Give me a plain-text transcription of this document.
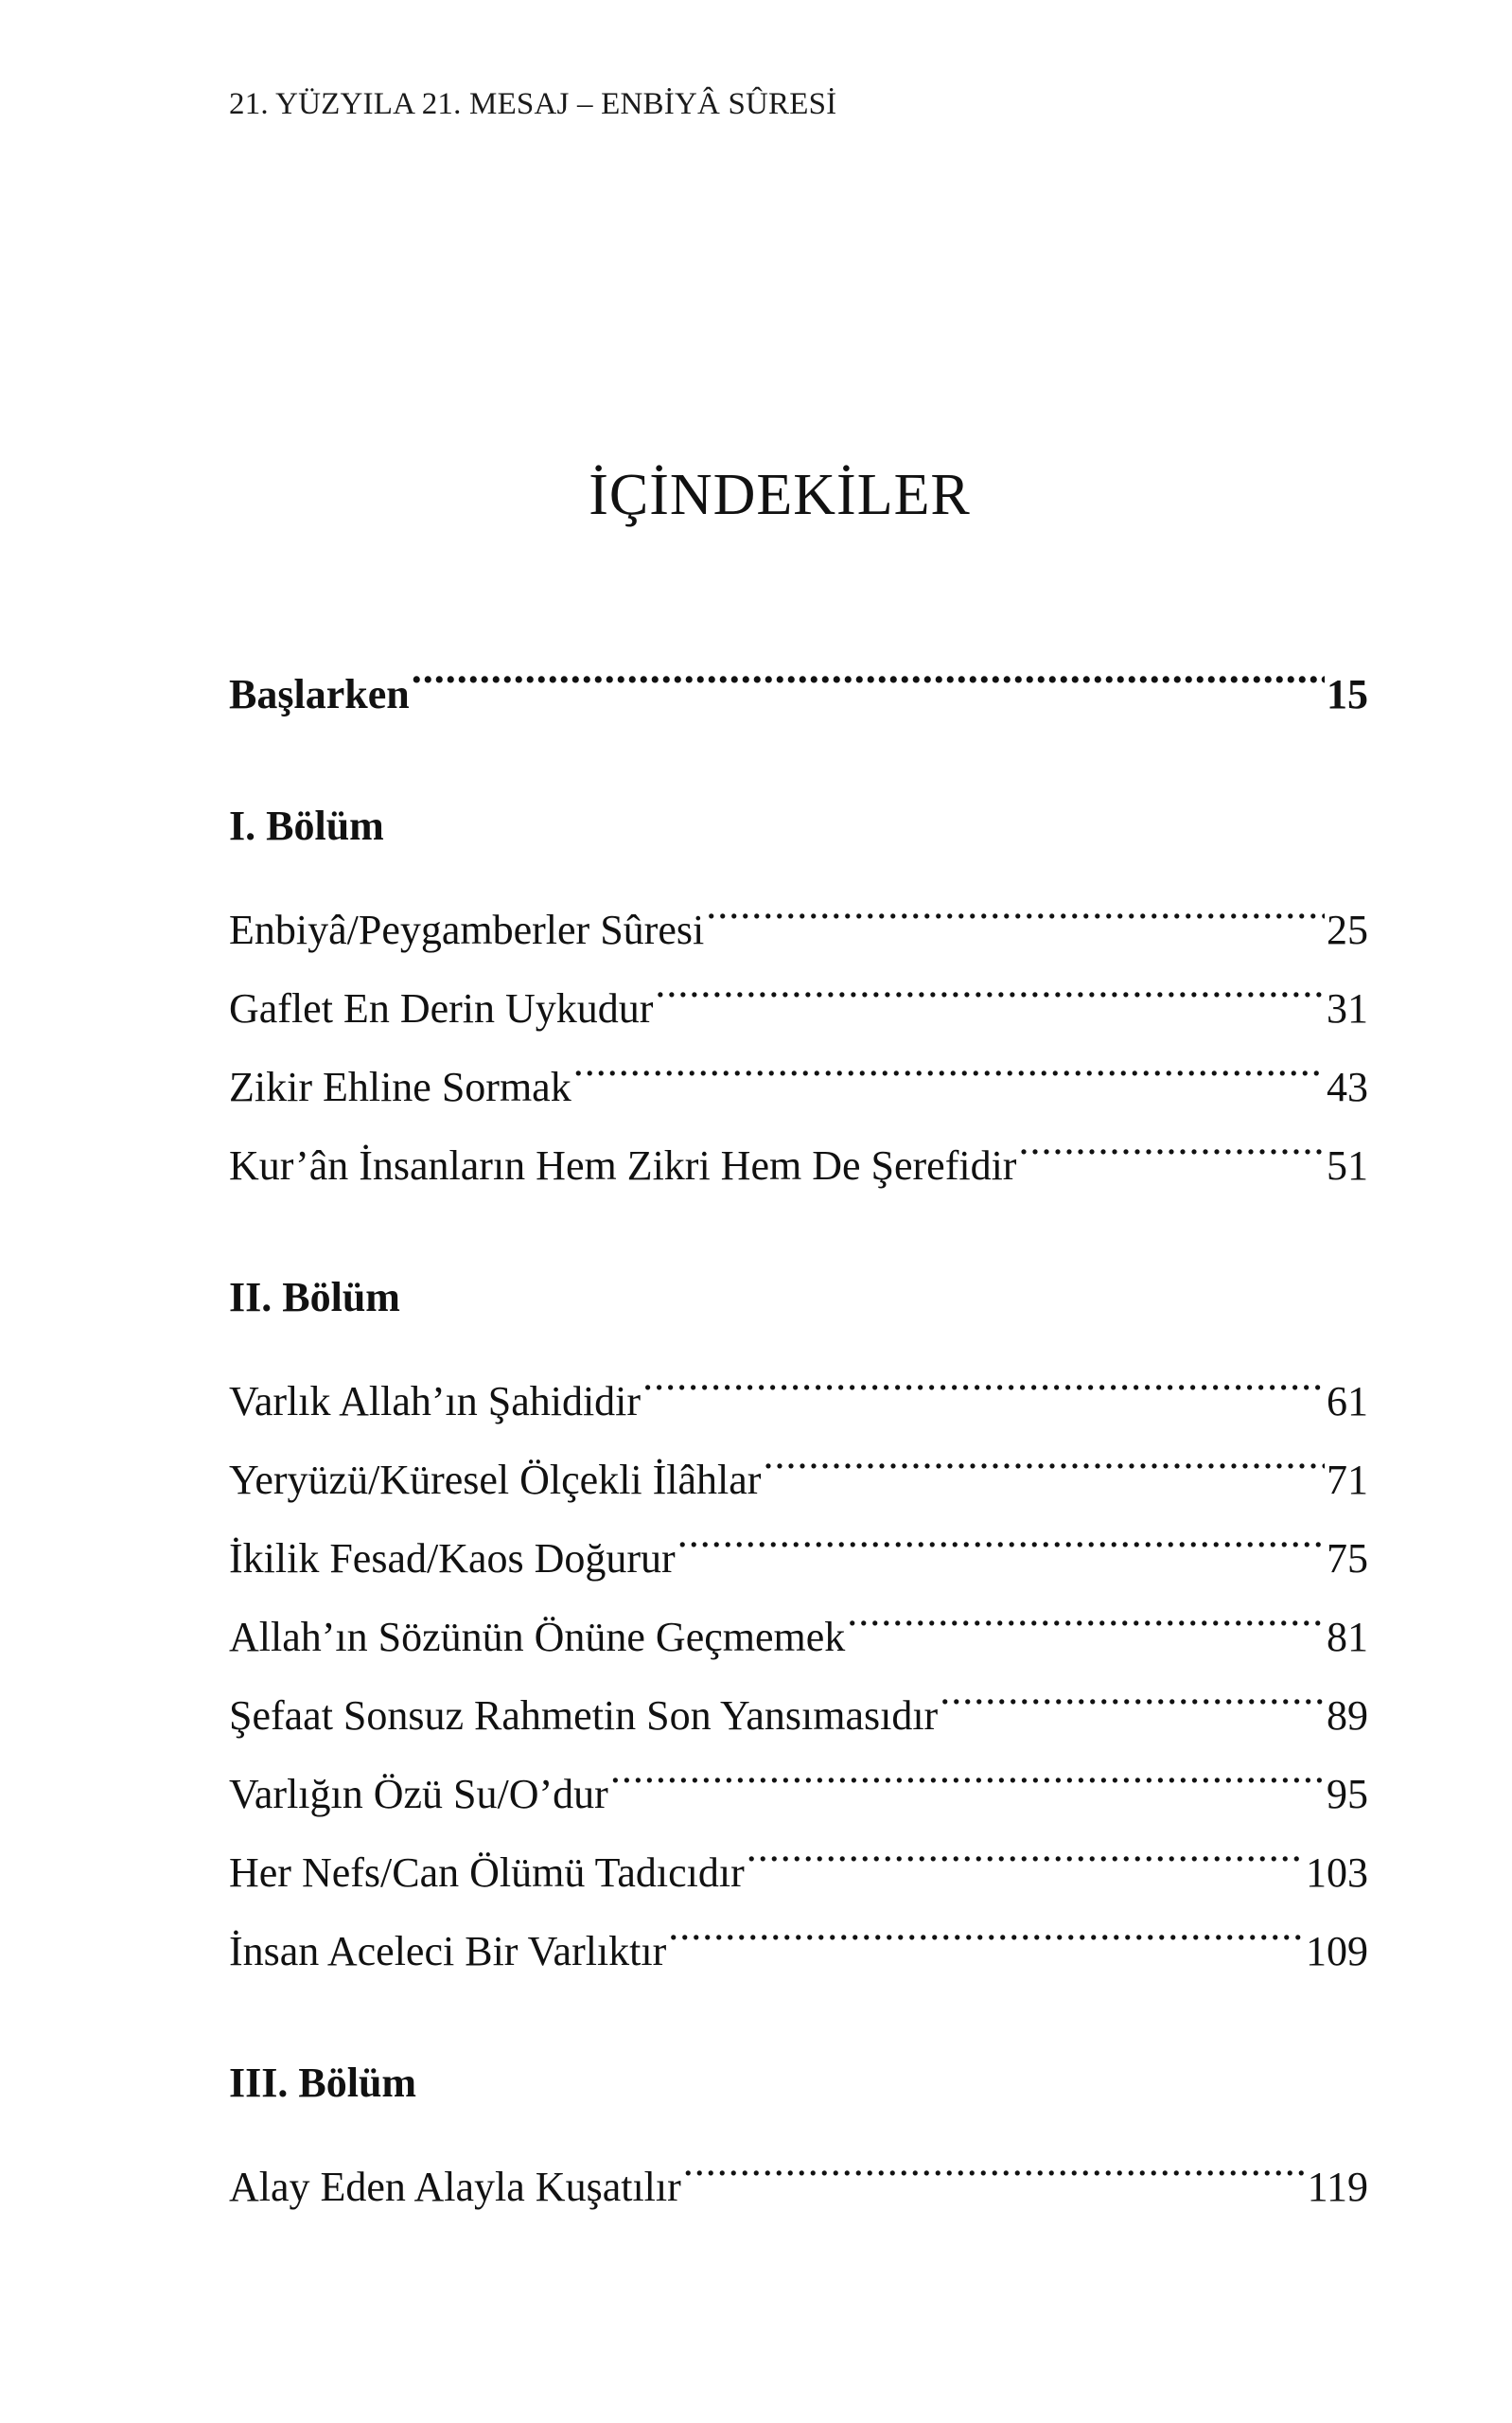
21. YÜZYILA 21. MESAJ – ENBİYÂ SÛRESİ
İÇİNDEKİLER
Başlarken .....	15
I. Bölüm
Enbiyâ/Peygamberler Sûresi .....	25
Gaflet En Derin Uykudur .....	31
Zikir Ehline Sormak .....	43
Kur’ân İnsanların Hem Zikri Hem De Şerefidir .....	51
II. Bölüm
Varlık Allah’ın Şahididir .....	61
Yeryüzü/Küresel Ölçekli İlâhlar .....	71
İkilik Fesad/Kaos Doğurur .....	75
Allah’ın Sözünün Önüne Geçmemek .....	81
Şefaat Sonsuz Rahmetin Son Yansımasıdır .....	89
Varlığın Özü Su/O’dur .....	95
Her Nefs/Can Ölümü Tadıcıdır .....	103
İnsan Aceleci Bir Varlıktır .....	109
III. Bölüm
Alay Eden Alayla Kuşatılır .....	119
